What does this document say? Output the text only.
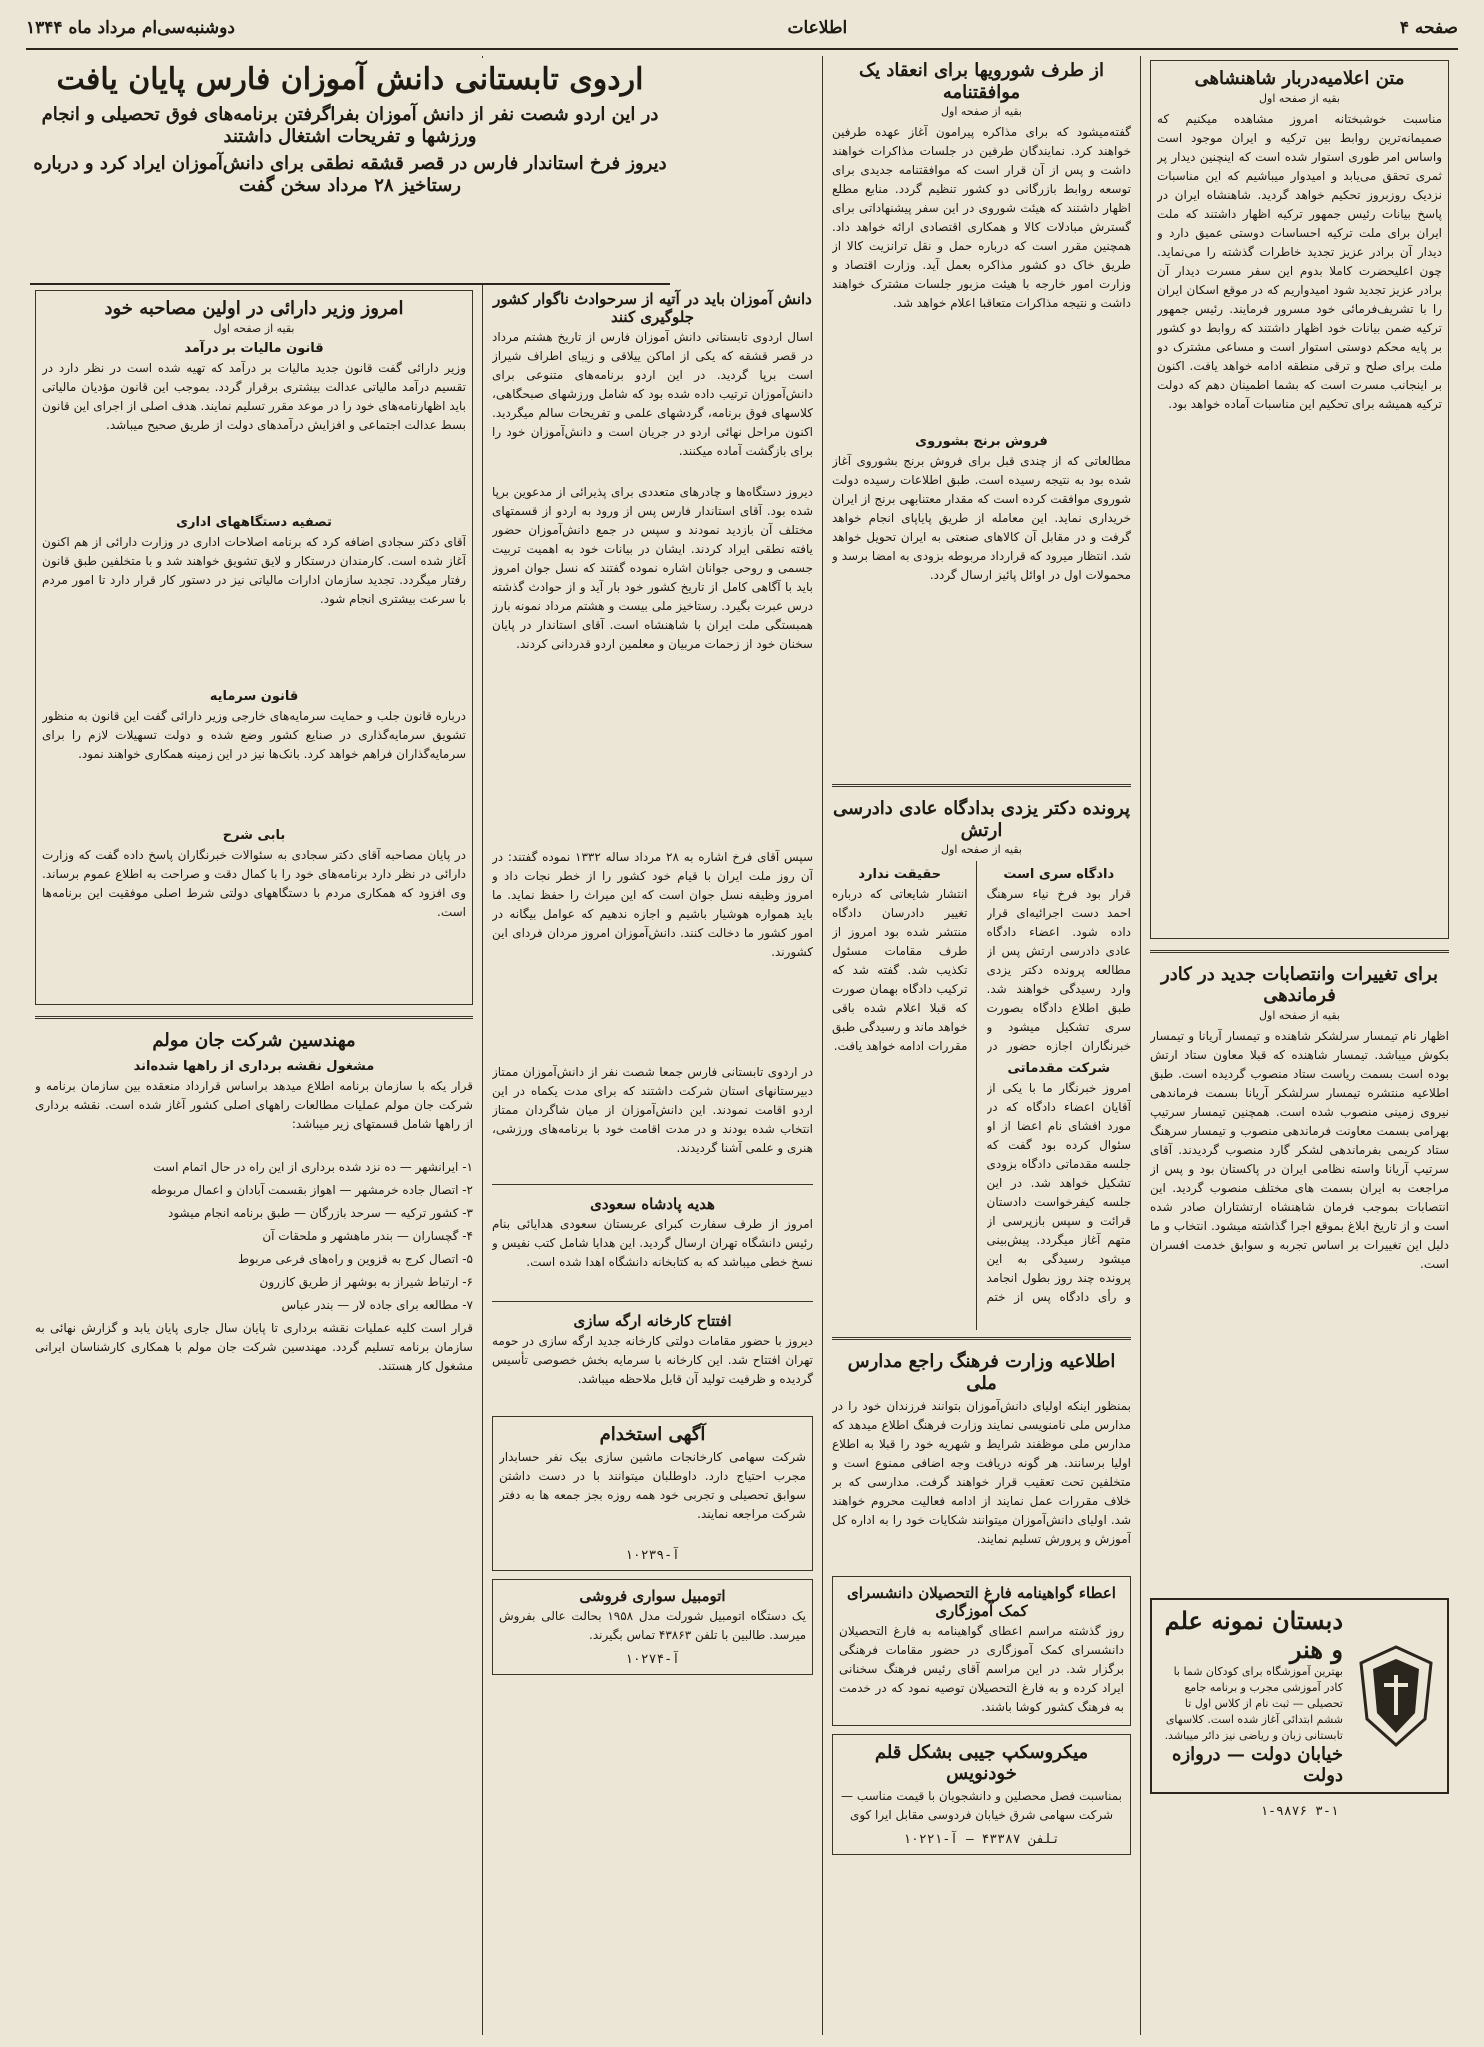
صفحه ۴
اطلاعات
دوشنبه‌سی‌ام مرداد ماه ۱۳۴۴
متن اعلامیه‌دربار شاهنشاهی
بقیه از صفحه اول
مناسبت خوشبختانه امروز مشاهده میکنیم که صمیمانه‌ترین روابط بین ترکیه و ایران موجود است واساس امر طوری استوار شده است که اینچنین دیدار پر ثمری تحقق می‌یابد و امیدوار میباشیم که این مناسبات نزدیک روزبروز تحکیم خواهد گردید. شاهنشاه ایران در پاسخ بیانات رئیس جمهور ترکیه اظهار داشتند که ملت ایران برای ملت ترکیه احساسات دوستی عمیق دارد و دیدار آن برادر عزیز تجدید خاطرات گذشته را می‌نماید. چون اعلیحضرت کاملا بدوم این سفر مسرت دیدار آن برادر عزیز تجدید شود امیدواریم که در موقع اسکان ایران را با تشریف‌فرمائی خود مسرور فرمایند. رئیس جمهور ترکیه ضمن بیانات خود اظهار داشتند که روابط دو کشور بر پایه محکم دوستی استوار است و مساعی مشترک دو ملت برای صلح و ترقی منطقه ادامه خواهد یافت. اکنون بر اینجانب مسرت است که بشما اطمینان دهم که دولت ترکیه همیشه برای تحکیم این مناسبات آماده خواهد بود.
برای تغییرات وانتصابات جدید در کادر فرماندهی
بقیه از صفحه اول
اظهار نام تیمسار سرلشکر شاهنده و تیمسار آریانا و تیمسار بکوش میباشد. تیمسار شاهنده که قبلا معاون ستاد ارتش بوده است بسمت ریاست ستاد منصوب گردیده است. طبق اطلاعیه منتشره تیمسار سرلشکر آریانا بسمت فرماندهی نیروی زمینی منصوب شده است. همچنین تیمسار سرتیپ بهرامی بسمت معاونت فرماندهی منصوب و تیمسار سرهنگ ستاد کریمی بفرماندهی لشکر گارد منصوب گردیدند. آقای سرتیپ آریانا واسته نظامی ایران در پاکستان بود و پس از مراجعت به ایران بسمت های مختلف منصوب گردید. این انتصابات بموجب فرمان شاهنشاه ارتشتاران صادر شده است و از تاریخ ابلاغ بموقع اجرا گذاشته میشود. انتخاب و ما دلیل این تغییرات بر اساس تجربه و سوابق خدمت افسران است.
دبستان نمونه علم و هنر
بهترین آموزشگاه برای کودکان شما با کادر آموزشی مجرب و برنامه جامع تحصیلی — ثبت نام از کلاس اول تا ششم ابتدائی آغاز شده است. کلاسهای تابستانی زبان و ریاضی نیز دائر میباشد.
خیابان دولت — دروازه دولت
۱-۹۸۷۶ ۳-۱
از طرف شورویها برای انعقاد یک موافقتنامه
بقیه از صفحه اول
گفته‌میشود که برای مذاکره پیرامون آغاز عهده طرفین خواهند کرد. نمایندگان طرفین در جلسات مذاکرات خواهند داشت و پس از آن قرار است که موافقتنامه جدیدی برای توسعه روابط بازرگانی دو کشور تنظیم گردد. منابع مطلع اظهار داشتند که هیئت شوروی در این سفر پیشنهاداتی برای گسترش مبادلات کالا و همکاری اقتصادی ارائه خواهد داد. همچنین مقرر است که درباره حمل و نقل ترانزیت کالا از طریق خاک دو کشور مذاکره بعمل آید. وزارت اقتصاد و وزارت امور خارجه با هیئت مزبور جلسات مشترک خواهند داشت و نتیجه مذاکرات متعاقبا اعلام خواهد شد.
فروش برنج بشوروی
مطالعاتی که از چندی قبل برای فروش برنج بشوروی آغاز شده بود به نتیجه رسیده است. طبق اطلاعات رسیده دولت شوروی موافقت کرده است که مقدار معتنابهی برنج از ایران خریداری نماید. این معامله از طریق پایاپای انجام خواهد گرفت و در مقابل آن کالاهای صنعتی به ایران تحویل خواهد شد. انتظار میرود که قرارداد مربوطه بزودی به امضا برسد و محمولات اول در اوائل پائیز ارسال گردد.
پرونده دکتر یزدی بدادگاه عادی دادرسی ارتش
بقیه از صفحه اول
دادگاه سری است
قرار بود فرخ نیاء سرهنگ احمد دست اجرائیه‌ای قرار داده شود. اعضاء دادگاه عادی دادرسی ارتش پس از مطالعه پرونده دکتر یزدی وارد رسیدگی خواهند شد. طبق اطلاع دادگاه بصورت سری تشکیل میشود و خبرنگاران اجازه حضور در
شرکت مقدماتی
امروز خبرنگار ما با یکی از آقایان اعضاء دادگاه که در مورد افشای نام اعضا از او سئوال کرده بود گفت که جلسه مقدماتی دادگاه بزودی تشکیل خواهد شد. در این جلسه کیفرخواست دادستان قرائت و سپس بازپرسی از متهم آغاز میگردد. پیش‌بینی میشود رسیدگی به این پرونده چند روز بطول انجامد و رأی دادگاه پس از ختم
حقیقت ندارد
انتشار شایعاتی که درباره تغییر دادرسان دادگاه منتشر شده بود امروز از طرف مقامات مسئول تکذیب شد. گفته شد که ترکیب دادگاه بهمان صورت که قبلا اعلام شده باقی خواهد ماند و رسیدگی طبق مقررات ادامه خواهد یافت.
اطلاعیه وزارت فرهنگ راجع مدارس ملی
بمنظور اینکه اولیای دانش‌آموزان بتوانند فرزندان خود را در مدارس ملی نامنویسی نمایند وزارت فرهنگ اطلاع میدهد که مدارس ملی موظفند شرایط و شهریه خود را قبلا به اطلاع اولیا برسانند. هر گونه دریافت وجه اضافی ممنوع است و متخلفین تحت تعقیب قرار خواهند گرفت. مدارسی که بر خلاف مقررات عمل نمایند از ادامه فعالیت محروم خواهند شد. اولیای دانش‌آموزان میتوانند شکایات خود را به اداره کل آموزش و پرورش تسلیم نمایند.
اعطاء گواهینامه فارغ التحصیلان دانشسرای کمک آموزگاری
روز گذشته مراسم اعطای گواهینامه به فارغ التحصیلان دانشسرای کمک آموزگاری در حضور مقامات فرهنگی برگزار شد. در این مراسم آقای رئیس فرهنگ سخنانی ایراد کرده و به فارغ التحصیلان توصیه نمود که در خدمت به فرهنگ کشور کوشا باشند.
میکروسکپ جیبی بشکل قلم خودنویس
بمناسبت فصل محصلین و دانشجویان با قیمت مناسب — شرکت سهامی شرق خیابان فردوسی مقابل ایرا کوی
تلفن ۴۳۳۸۷ — آ-۱۰۲۲۱
دانش آموزان باید در آتیه از سرحوادث ناگوار کشور جلوگیری کنند
اسال اردوی تابستانی دانش آموزان فارس از تاریخ هشتم مرداد در قصر قشقه که یکی از اماکن ییلاقی و زیبای اطراف شیراز است برپا گردید. در این اردو برنامه‌های متنوعی برای دانش‌آموزان ترتیب داده شده بود که شامل ورزشهای صبحگاهی، کلاسهای فوق برنامه، گردشهای علمی و تفریحات سالم میگردید. اکنون مراحل نهائی اردو در جریان است و دانش‌آموزان خود را برای بازگشت آماده میکنند.
دیروز دستگاه‌ها و چادرهای متعددی برای پذیرائی از مدعوین برپا شده بود. آقای استاندار فارس پس از ورود به اردو از قسمتهای مختلف آن بازدید نمودند و سپس در جمع دانش‌آموزان حضور یافته نطقی ایراد کردند. ایشان در بیانات خود به اهمیت تربیت جسمی و روحی جوانان اشاره نموده گفتند که نسل جوان امروز باید با آگاهی کامل از تاریخ کشور خود بار آید و از حوادث گذشته درس عبرت بگیرد. رستاخیز ملی بیست و هشتم مرداد نمونه بارز همبستگی ملت ایران با شاهنشاه است. آقای استاندار در پایان سخنان خود از زحمات مربیان و معلمین اردو قدردانی کردند.
سپس آقای فرخ اشاره به ۲۸ مرداد ساله ۱۳۳۲ نموده گفتند: در آن روز ملت ایران با قیام خود کشور را از خطر نجات داد و امروز وظیفه نسل جوان است که این میراث را حفظ نماید. ما باید همواره هوشیار باشیم و اجازه ندهیم که عوامل بیگانه در امور کشور ما دخالت کنند. دانش‌آموزان امروز مردان فردای این کشورند.
در اردوی تابستانی فارس جمعا شصت نفر از دانش‌آموزان ممتاز دبیرستانهای استان شرکت داشتند که برای مدت یکماه در این اردو اقامت نمودند. این دانش‌آموزان از میان شاگردان ممتاز انتخاب شده بودند و در مدت اقامت خود با برنامه‌های ورزشی، هنری و علمی آشنا گردیدند.
هدیه پادشاه سعودی
امروز از طرف سفارت کبرای عربستان سعودی هدایائی بنام رئیس دانشگاه تهران ارسال گردید. این هدایا شامل کتب نفیس و نسخ خطی میباشد که به کتابخانه دانشگاه اهدا شده است.
افتتاح کارخانه ارگه سازی
دیروز با حضور مقامات دولتی کارخانه جدید ارگه سازی در حومه تهران افتتاح شد. این کارخانه با سرمایه بخش خصوصی تأسیس گردیده و ظرفیت تولید آن قابل ملاحظه میباشد.
آگهی استخدام
شرکت سهامی کارخانجات ماشین سازی بیک نفر حسابدار مجرب احتیاج دارد. داوطلبان میتوانند با در دست داشتن سوابق تحصیلی و تجربی خود همه روزه بجز جمعه ها به دفتر شرکت مراجعه نمایند.
آ-۱۰۲۳۹
اتومبیل سواری فروشی
یک دستگاه اتومبیل شورلت مدل ۱۹۵۸ بحالت عالی بفروش میرسد. طالبین با تلفن ۴۳۸۶۳ تماس بگیرند.
آ-۱۰۲۷۴
امروز وزیر دارائی در اولین مصاحبه خود
بقیه از صفحه اول
قانون مالیات بر درآمد
وزیر دارائی گفت قانون جدید مالیات بر درآمد که تهیه شده است در نظر دارد در تقسیم درآمد مالیاتی عدالت بیشتری برقرار گردد. بموجب این قانون مؤدیان مالیاتی باید اظهارنامه‌های خود را در موعد مقرر تسلیم نمایند. هدف اصلی از اجرای این قانون بسط عدالت اجتماعی و افزایش درآمدهای دولت از طریق صحیح میباشد.
تصفیه دستگاههای اداری
آقای دکتر سجادی اضافه کرد که برنامه اصلاحات اداری در وزارت دارائی از هم اکنون آغاز شده است. کارمندان درستکار و لایق تشویق خواهند شد و با متخلفین طبق قانون رفتار میگردد. تجدید سازمان ادارات مالیاتی نیز در دستور کار قرار دارد تا امور مردم با سرعت بیشتری انجام شود.
قانون سرمایه
درباره قانون جلب و حمایت سرمایه‌های خارجی وزیر دارائی گفت این قانون به منظور تشویق سرمایه‌گذاری در صنایع کشور وضع شده و دولت تسهیلات لازم را برای سرمایه‌گذاران فراهم خواهد کرد. بانک‌ها نیز در این زمینه همکاری خواهند نمود.
بابی شرح
در پایان مصاحبه آقای دکتر سجادی به سئوالات خبرنگاران پاسخ داده گفت که وزارت دارائی در نظر دارد برنامه‌های خود را با کمال دقت و صراحت به اطلاع عموم برساند. وی افزود که همکاری مردم با دستگاههای دولتی شرط اصلی موفقیت این برنامه‌ها است.
مهندسین شرکت جان مولم
مشغول نقشه برداری از راهها شده‌اند
قرار یکه با سازمان برنامه اطلاع میدهد براساس قرارداد منعقده بین سازمان برنامه و شرکت جان مولم عملیات مطالعات راههای اصلی کشور آغاز شده است. نقشه برداری از راهها شامل قسمتهای زیر میباشد:
۱- ایرانشهر — ده نزد شده برداری از این راه در حال اتمام است
۲- اتصال جاده خرمشهر — اهواز بقسمت آبادان و اعمال مربوطه
۳- کشور ترکیه — سرحد بازرگان — طبق برنامه انجام میشود
۴- گچساران — بندر ماهشهر و ملحقات آن
۵- اتصال کرج به قزوین و راه‌های فرعی مربوط
۶- ارتباط شیراز به بوشهر از طریق کازرون
۷- مطالعه برای جاده لار — بندر عباس
قرار است کلیه عملیات نقشه برداری تا پایان سال جاری پایان یابد و گزارش نهائی به سازمان برنامه تسلیم گردد. مهندسین شرکت جان مولم با همکاری کارشناسان ایرانی مشغول کار هستند.
اردوی تابستانی دانش آموزان فارس پایان یافت
در این اردو شصت نفر از دانش آموزان بفراگرفتن برنامه‌های فوق تحصیلی و انجام ورزشها و تفریحات اشتغال داشتند
دیروز فرخ استاندار فارس در قصر قشقه نطقی برای دانش‌آموزان ایراد کرد و درباره رستاخیز ۲۸ مرداد سخن گفت
